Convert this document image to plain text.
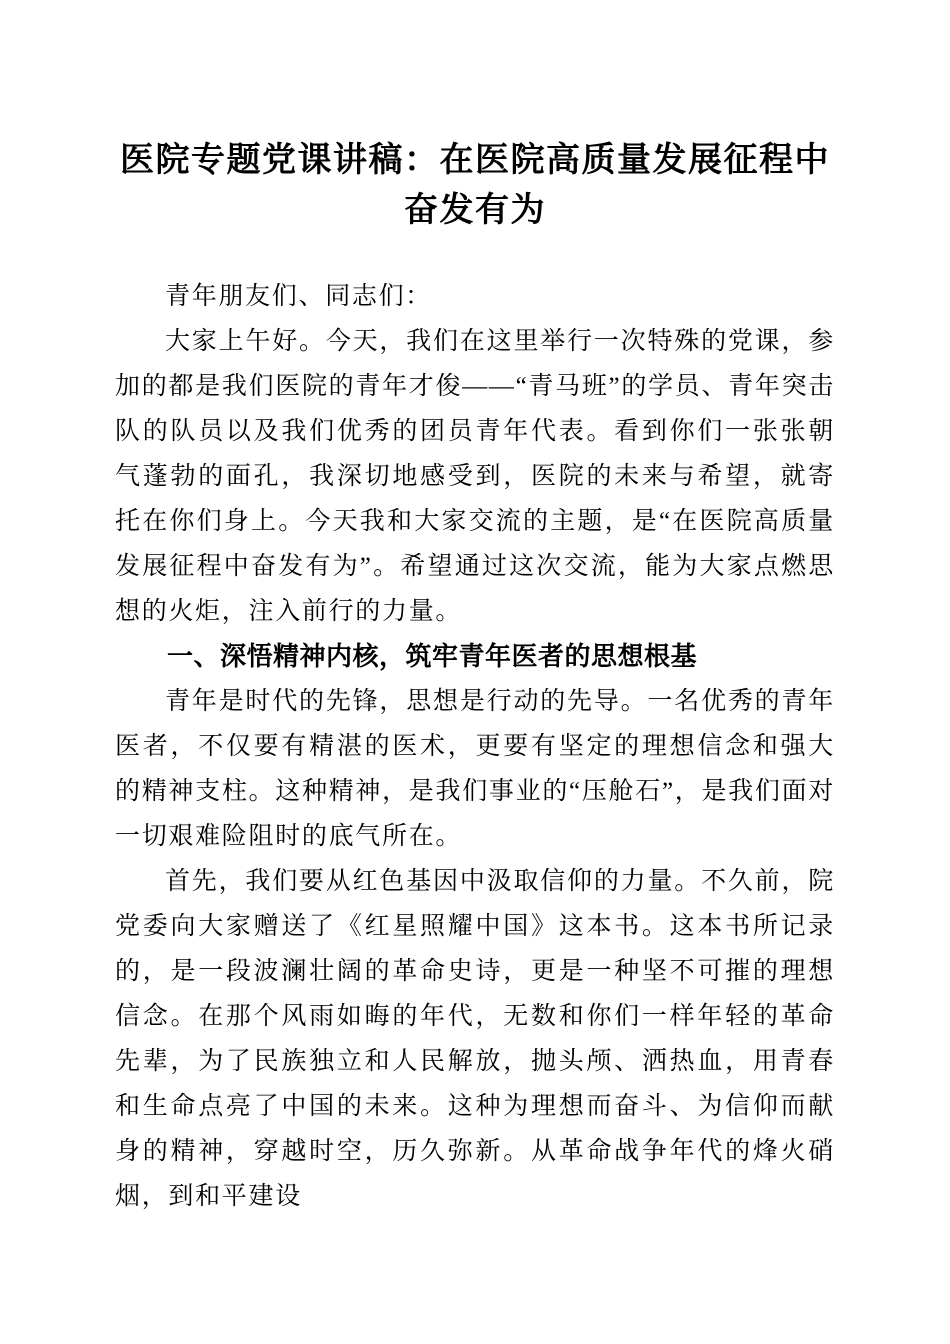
医院专题党课讲稿：在医院高质量发展征程中奋发有为

青年朋友们、同志们：

大家上午好。今天，我们在这里举行一次特殊的党课，参加的都是我们医院的青年才俊——“青马班”的学员、青年突击队的队员以及我们优秀的团员青年代表。看到你们一张张朝气蓬勃的面孔，我深切地感受到，医院的未来与希望，就寄托在你们身上。今天我和大家交流的主题，是“在医院高质量发展征程中奋发有为”。希望通过这次交流，能为大家点燃思想的火炬，注入前行的力量。

一、深悟精神内核，筑牢青年医者的思想根基

青年是时代的先锋，思想是行动的先导。一名优秀的青年医者，不仅要有精湛的医术，更要有坚定的理想信念和强大的精神支柱。这种精神，是我们事业的“压舱石”，是我们面对一切艰难险阻时的底气所在。

首先，我们要从红色基因中汲取信仰的力量。不久前，院党委向大家赠送了《红星照耀中国》这本书。这本书所记录的，是一段波澜壮阔的革命史诗，更是一种坚不可摧的理想信念。在那个风雨如晦的年代，无数和你们一样年轻的革命先辈，为了民族独立和人民解放，抛头颅、洒热血，用青春和生命点亮了中国的未来。这种为理想而奋斗、为信仰而献身的精神，穿越时空，历久弥新。从革命战争年代的烽火硝烟，到和平建设
